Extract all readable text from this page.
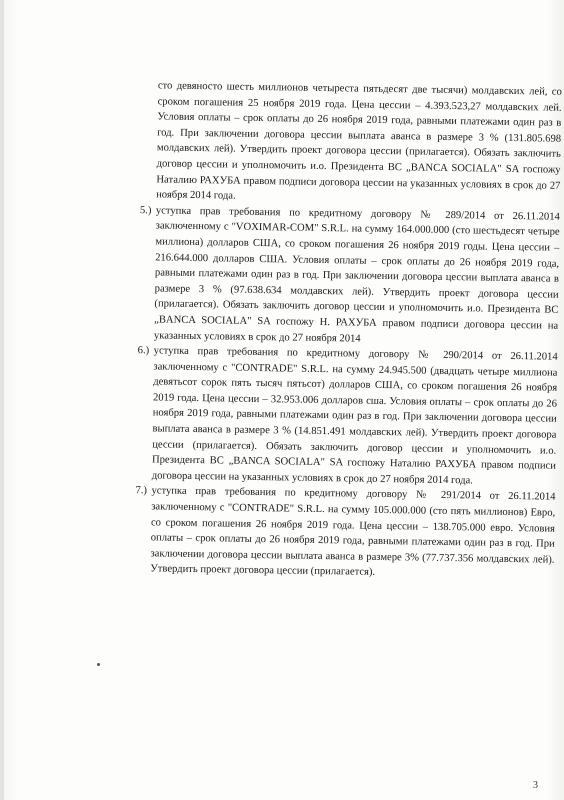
сто девяносто шесть миллионов четыреста пятьдесят две тысячи) молдавских лей, со сроком погашения 25 ноября 2019 года. Цена цессии – 4.393.523,27 молдавских лей. Условия оплаты – срок оплаты до 26 ноября 2019 года, равными платежами один раз в год. При заключении договора цессии выплата аванса в размере 3 % (131.805.698 молдавских лей). Утвердить проект договора цессии (прилагается). Обязать заключить договор цессии и уполномочить и.о. Президента ВС „BANCA SOCIALA" SA госпожу Наталию РАХУБА правом подписи договора цессии на указанных условиях в срок до 27 ноября 2014 года.

5.) уступка прав требования по кредитному договору № 289/2014 от 26.11.2014 заключенному с "VOXIMAR-COM" S.R.L. на сумму 164.000.000 (сто шестьдесят четыре миллиона) долларов США, со сроком погашения 26 ноября 2019 годы. Цена цессии – 216.644.000 долларов США. Условия оплаты – срок оплаты до 26 ноября 2019 года, равными платежами один раз в год. При заключении договора цессии выплата аванса в размере 3 % (97.638.634 молдавских лей). Утвердить проект договора цессии (прилагается). Обязать заключить договор цессии и уполномочить и.о. Президента ВС „BANCA SOCIALA" SA госпожу Н. РАХУБА правом подписи договора цессии на указанных условиях в срок до 27 ноября 2014
6.) уступка прав требования по кредитному договору № 290/2014 от 26.11.2014 заключенному с "CONTRADE" S.R.L. на сумму 24.945.500 (двадцать четыре миллиона девятьсот сорок пять тысяч пятьсот) долларов США, со сроком погашения 26 ноября 2019 года. Цена цессии – 32.953.006 долларов сша. Условия оплаты – срок оплаты до 26 ноября 2019 года, равными платежами один раз в год. При заключении договора цессии выплата аванса в размере 3 % (14.851.491 молдавских лей). Утвердить проект договора цессии (прилагается). Обязать заключить договор цессии и уполномочить и.о. Президента ВС „BANCA SOCIALA" SA госпожу Наталию РАХУБА правом подписи договора цессии на указанных условиях в срок до 27 ноября 2014 года.
7.) уступка прав требования по кредитному договору № 291/2014 от 26.11.2014 заключенному с "CONTRADE" S.R.L. на сумму 105.000.000 (сто пять миллионов) Евро, со сроком погашения 26 ноября 2019 года. Цена цессии – 138.705.000 евро. Условия оплаты – срок оплаты до 26 ноября 2019 года, равными платежами один раз в год. При заключении договора цессии выплата аванса в размере 3% (77.737.356 молдавских лей). Утвердить проект договора цессии (прилагается).
3
